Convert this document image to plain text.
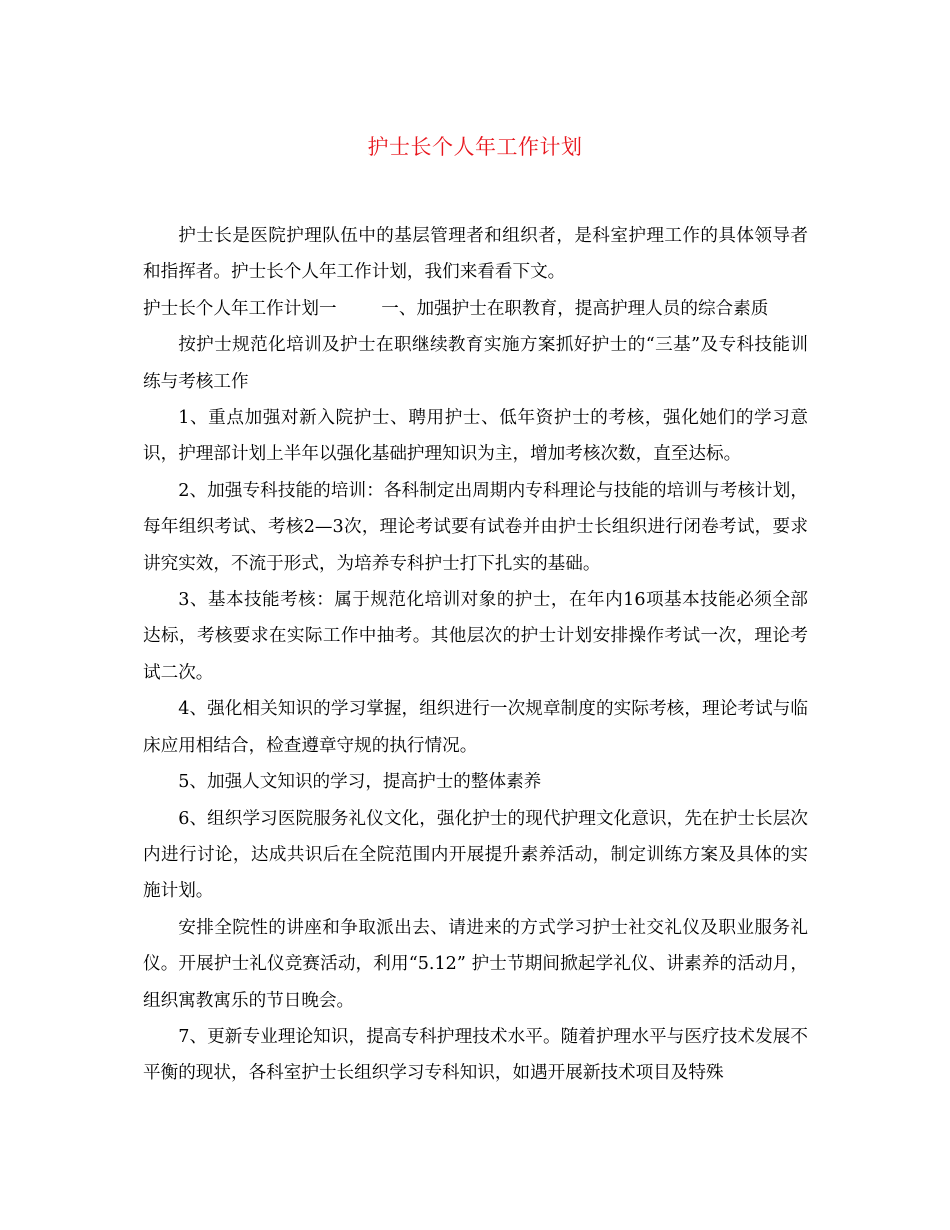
护士长个人年工作计划

护士长是医院护理队伍中的基层管理者和组织者，是科室护理工作的具体领导者和指挥者。护士长个人年工作计划，我们来看看下文。

护士长个人年工作计划一        一、加强护士在职教育，提高护理人员的综合素质

按护士规范化培训及护士在职继续教育实施方案抓好护士的“三基”及专科技能训练与考核工作

1、重点加强对新入院护士、聘用护士、低年资护士的考核，强化她们的学习意识，护理部计划上半年以强化基础护理知识为主，增加考核次数，直至达标。

2、加强专科技能的培训：各科制定出周期内专科理论与技能的培训与考核计划，每年组织考试、考核2—3次，理论考试要有试卷并由护士长组织进行闭卷考试，要求讲究实效，不流于形式，为培养专科护士打下扎实的基础。

3、基本技能考核：属于规范化培训对象的护士，在年内16项基本技能必须全部达标，考核要求在实际工作中抽考。其他层次的护士计划安排操作考试一次，理论考试二次。

4、强化相关知识的学习掌握，组织进行一次规章制度的实际考核，理论考试与临床应用相结合，检查遵章守规的执行情况。

5、加强人文知识的学习，提高护士的整体素养

6、组织学习医院服务礼仪文化，强化护士的现代护理文化意识，先在护士长层次内进行讨论，达成共识后在全院范围内开展提升素养活动，制定训练方案及具体的实施计划。

安排全院性的讲座和争取派出去、请进来的方式学习护士社交礼仪及职业服务礼仪。开展护士礼仪竞赛活动，利用“5.12” 护士节期间掀起学礼仪、讲素养的活动月，组织寓教寓乐的节日晚会。

7、更新专业理论知识，提高专科护理技术水平。随着护理水平与医疗技术发展不平衡的现状，各科室护士长组织学习专科知识，如遇开展新技术项目及特殊
